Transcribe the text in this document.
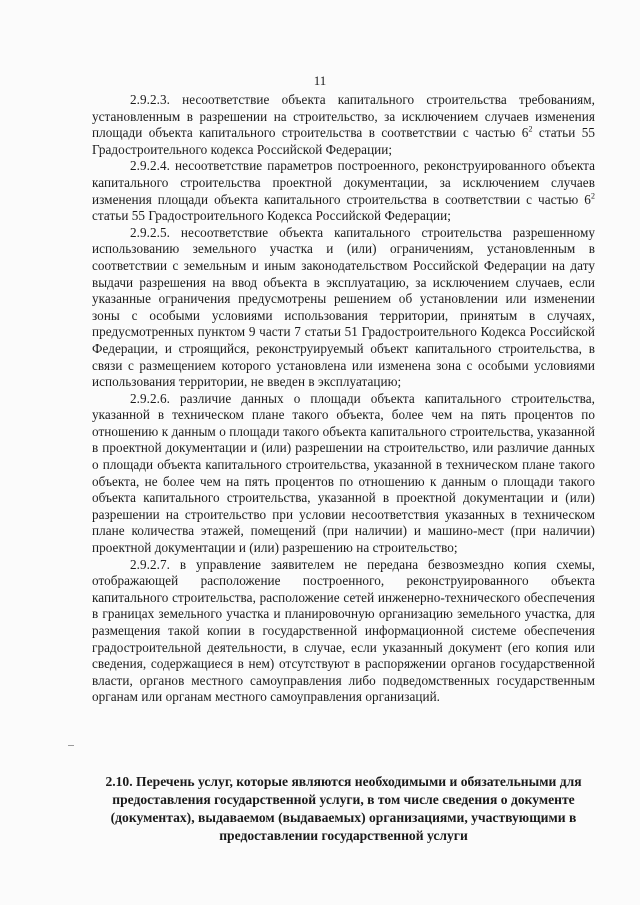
11

2.9.2.3. несоответствие объекта капитального строительства требованиям, установленным в разрешении на строительство, за исключением случаев изменения площади объекта капитального строительства в соответствии с частью $6^2$ статьи 55 Градостроительного кодекса Российской Федерации;

2.9.2.4. несоответствие параметров построенного, реконструированного объекта капитального строительства проектной документации, за исключением случаев изменения площади объекта капитального строительства в соответствии с частью $6^2$ статьи 55 Градостроительного Кодекса Российской Федерации;

2.9.2.5. несоответствие объекта капитального строительства разрешенному использованию земельного участка и (или) ограничениям, установленным в соответствии с земельным и иным законодательством Российской Федерации на дату выдачи разрешения на ввод объекта в эксплуатацию, за исключением случаев, если указанные ограничения предусмотрены решением об установлении или изменении зоны с особыми условиями использования территории, принятым в случаях, предусмотренных пунктом 9 части 7 статьи 51 Градостроительного Кодекса Российской Федерации, и строящийся, реконструируемый объект капитального строительства, в связи с размещением которого установлена или изменена зона с особыми условиями использования территории, не введен в эксплуатацию;

2.9.2.6. различие данных о площади объекта капитального строительства, указанной в техническом плане такого объекта, более чем на пять процентов по отношению к данным о площади такого объекта капитального строительства, указанной в проектной документации и (или) разрешении на строительство, или различие данных о площади объекта капитального строительства, указанной в техническом плане такого объекта, не более чем на пять процентов по отношению к данным о площади такого объекта капитального строительства, указанной в проектной документации и (или) разрешении на строительство при условии несоответствия указанных в техническом плане количества этажей, помещений (при наличии) и машино-мест (при наличии) проектной документации и (или) разрешению на строительство;

2.9.2.7. в управление заявителем не передана безвозмездно копия схемы, отображающей расположение построенного, реконструированного объекта капитального строительства, расположение сетей инженерно-технического обеспечения в границах земельного участка и планировочную организацию земельного участка, для размещения такой копии в государственной информационной системе обеспечения градостроительной деятельности, в случае, если указанный документ (его копия или сведения, содержащиеся в нем) отсутствуют в распоряжении органов государственной власти, органов местного самоуправления либо подведомственных государственным органам или органам местного самоуправления организаций.

2.10. Перечень услуг, которые являются необходимыми и обязательными для предоставления государственной услуги, в том числе сведения о документе (документах), выдаваемом (выдаваемых) организациями, участвующими в предоставлении государственной услуги
